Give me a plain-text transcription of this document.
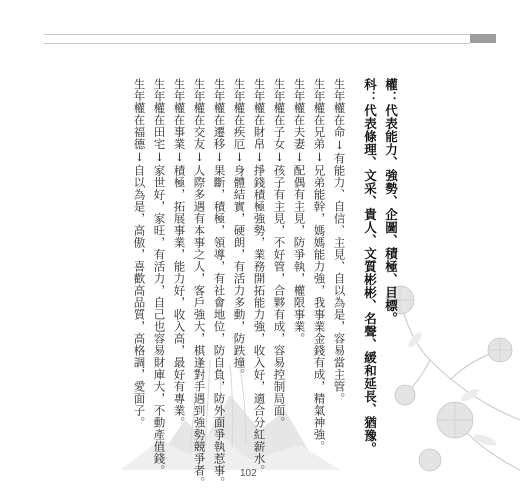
權：代表能力、強勢、企圖、積極、目標。
科：代表條理、文采、貴人、文質彬彬、名聲、緩和延長、猶豫。
生年權在命↓有能力、自信、主見、自以為是，容易當主管。
生年權在兄弟↓兄弟能幹，媽媽能力強，我事業金錢有成，精氣神強。
生年權在夫妻↓配偶有主見，防爭執，權限事業。
生年權在子女↓孩子有主見，不好管，合夥有成，容易控制局面。
生年權在財帛↓掙錢積極強勢，業務開拓能力強，收入好，適合分紅薪水。
生年權在疾厄↓身體結實，硬朗，有活力多動，防跌撞。
生年權在遷移↓果斷，積極，領導，有社會地位，防自負，防外面爭執惹事。
生年權在交友↓人際多遇有本事之人，客戶強大，棋逢對手遇到強勢競爭者。
生年權在事業↓積極，拓展事業，能力好，收入高，最好有專業。
生年權在田宅↓家世好，家旺，有活力，自己也容易財庫大，不動產值錢。
生年權在福德↓自以為是，高傲，喜歡高品質，高格調，愛面子。
102
